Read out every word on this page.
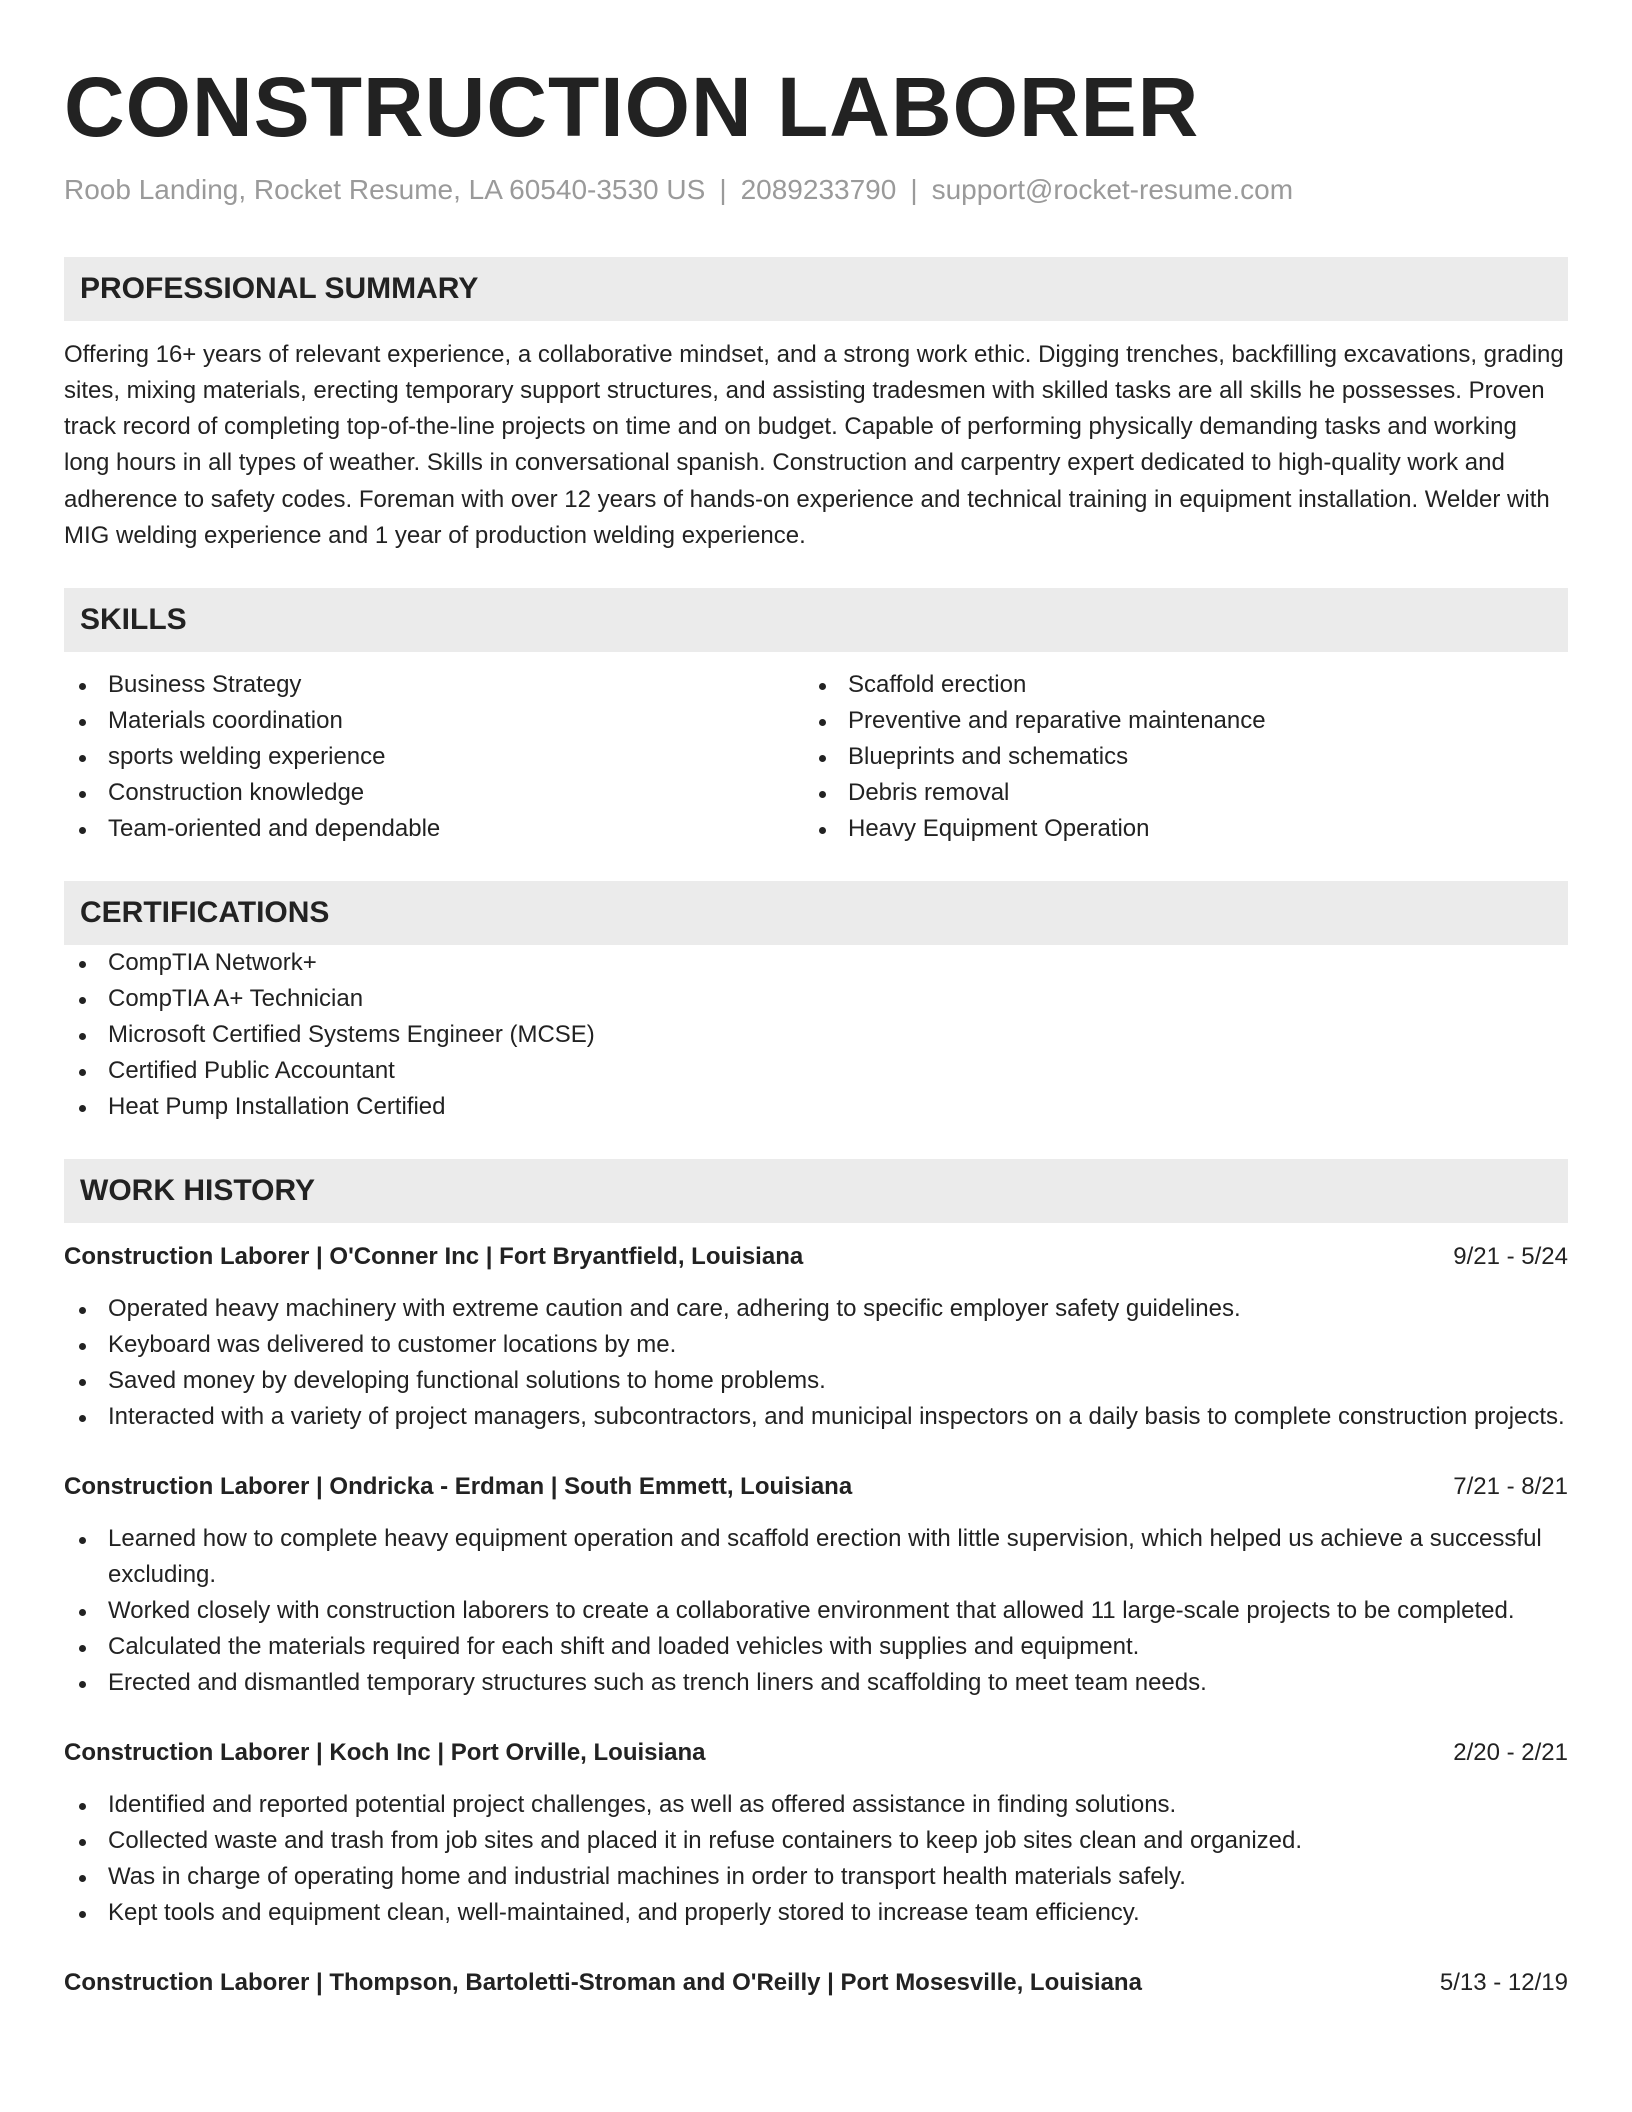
CONSTRUCTION LABORER
Roob Landing, Rocket Resume, LA 60540-3530 US | 2089233790 | support@rocket-resume.com
PROFESSIONAL SUMMARY
Offering 16+ years of relevant experience, a collaborative mindset, and a strong work ethic. Digging trenches, backfilling excavations, grading sites, mixing materials, erecting temporary support structures, and assisting tradesmen with skilled tasks are all skills he possesses. Proven track record of completing top-of-the-line projects on time and on budget. Capable of performing physically demanding tasks and working long hours in all types of weather. Skills in conversational spanish. Construction and carpentry expert dedicated to high-quality work and adherence to safety codes. Foreman with over 12 years of hands-on experience and technical training in equipment installation. Welder with MIG welding experience and 1 year of production welding experience.
SKILLS
Business Strategy
Materials coordination
sports welding experience
Construction knowledge
Team-oriented and dependable
Scaffold erection
Preventive and reparative maintenance
Blueprints and schematics
Debris removal
Heavy Equipment Operation
CERTIFICATIONS
CompTIA Network+
CompTIA A+ Technician
Microsoft Certified Systems Engineer (MCSE)
Certified Public Accountant
Heat Pump Installation Certified
WORK HISTORY
Construction Laborer | O'Conner Inc | Fort Bryantfield, Louisiana	9/21 - 5/24
Operated heavy machinery with extreme caution and care, adhering to specific employer safety guidelines.
Keyboard was delivered to customer locations by me.
Saved money by developing functional solutions to home problems.
Interacted with a variety of project managers, subcontractors, and municipal inspectors on a daily basis to complete construction projects.
Construction Laborer | Ondricka - Erdman | South Emmett, Louisiana	7/21 - 8/21
Learned how to complete heavy equipment operation and scaffold erection with little supervision, which helped us achieve a successful excluding.
Worked closely with construction laborers to create a collaborative environment that allowed 11 large-scale projects to be completed.
Calculated the materials required for each shift and loaded vehicles with supplies and equipment.
Erected and dismantled temporary structures such as trench liners and scaffolding to meet team needs.
Construction Laborer | Koch Inc | Port Orville, Louisiana	2/20 - 2/21
Identified and reported potential project challenges, as well as offered assistance in finding solutions.
Collected waste and trash from job sites and placed it in refuse containers to keep job sites clean and organized.
Was in charge of operating home and industrial machines in order to transport health materials safely.
Kept tools and equipment clean, well-maintained, and properly stored to increase team efficiency.
Construction Laborer | Thompson, Bartoletti-Stroman and O'Reilly | Port Mosesville, Louisiana	5/13 - 12/19
